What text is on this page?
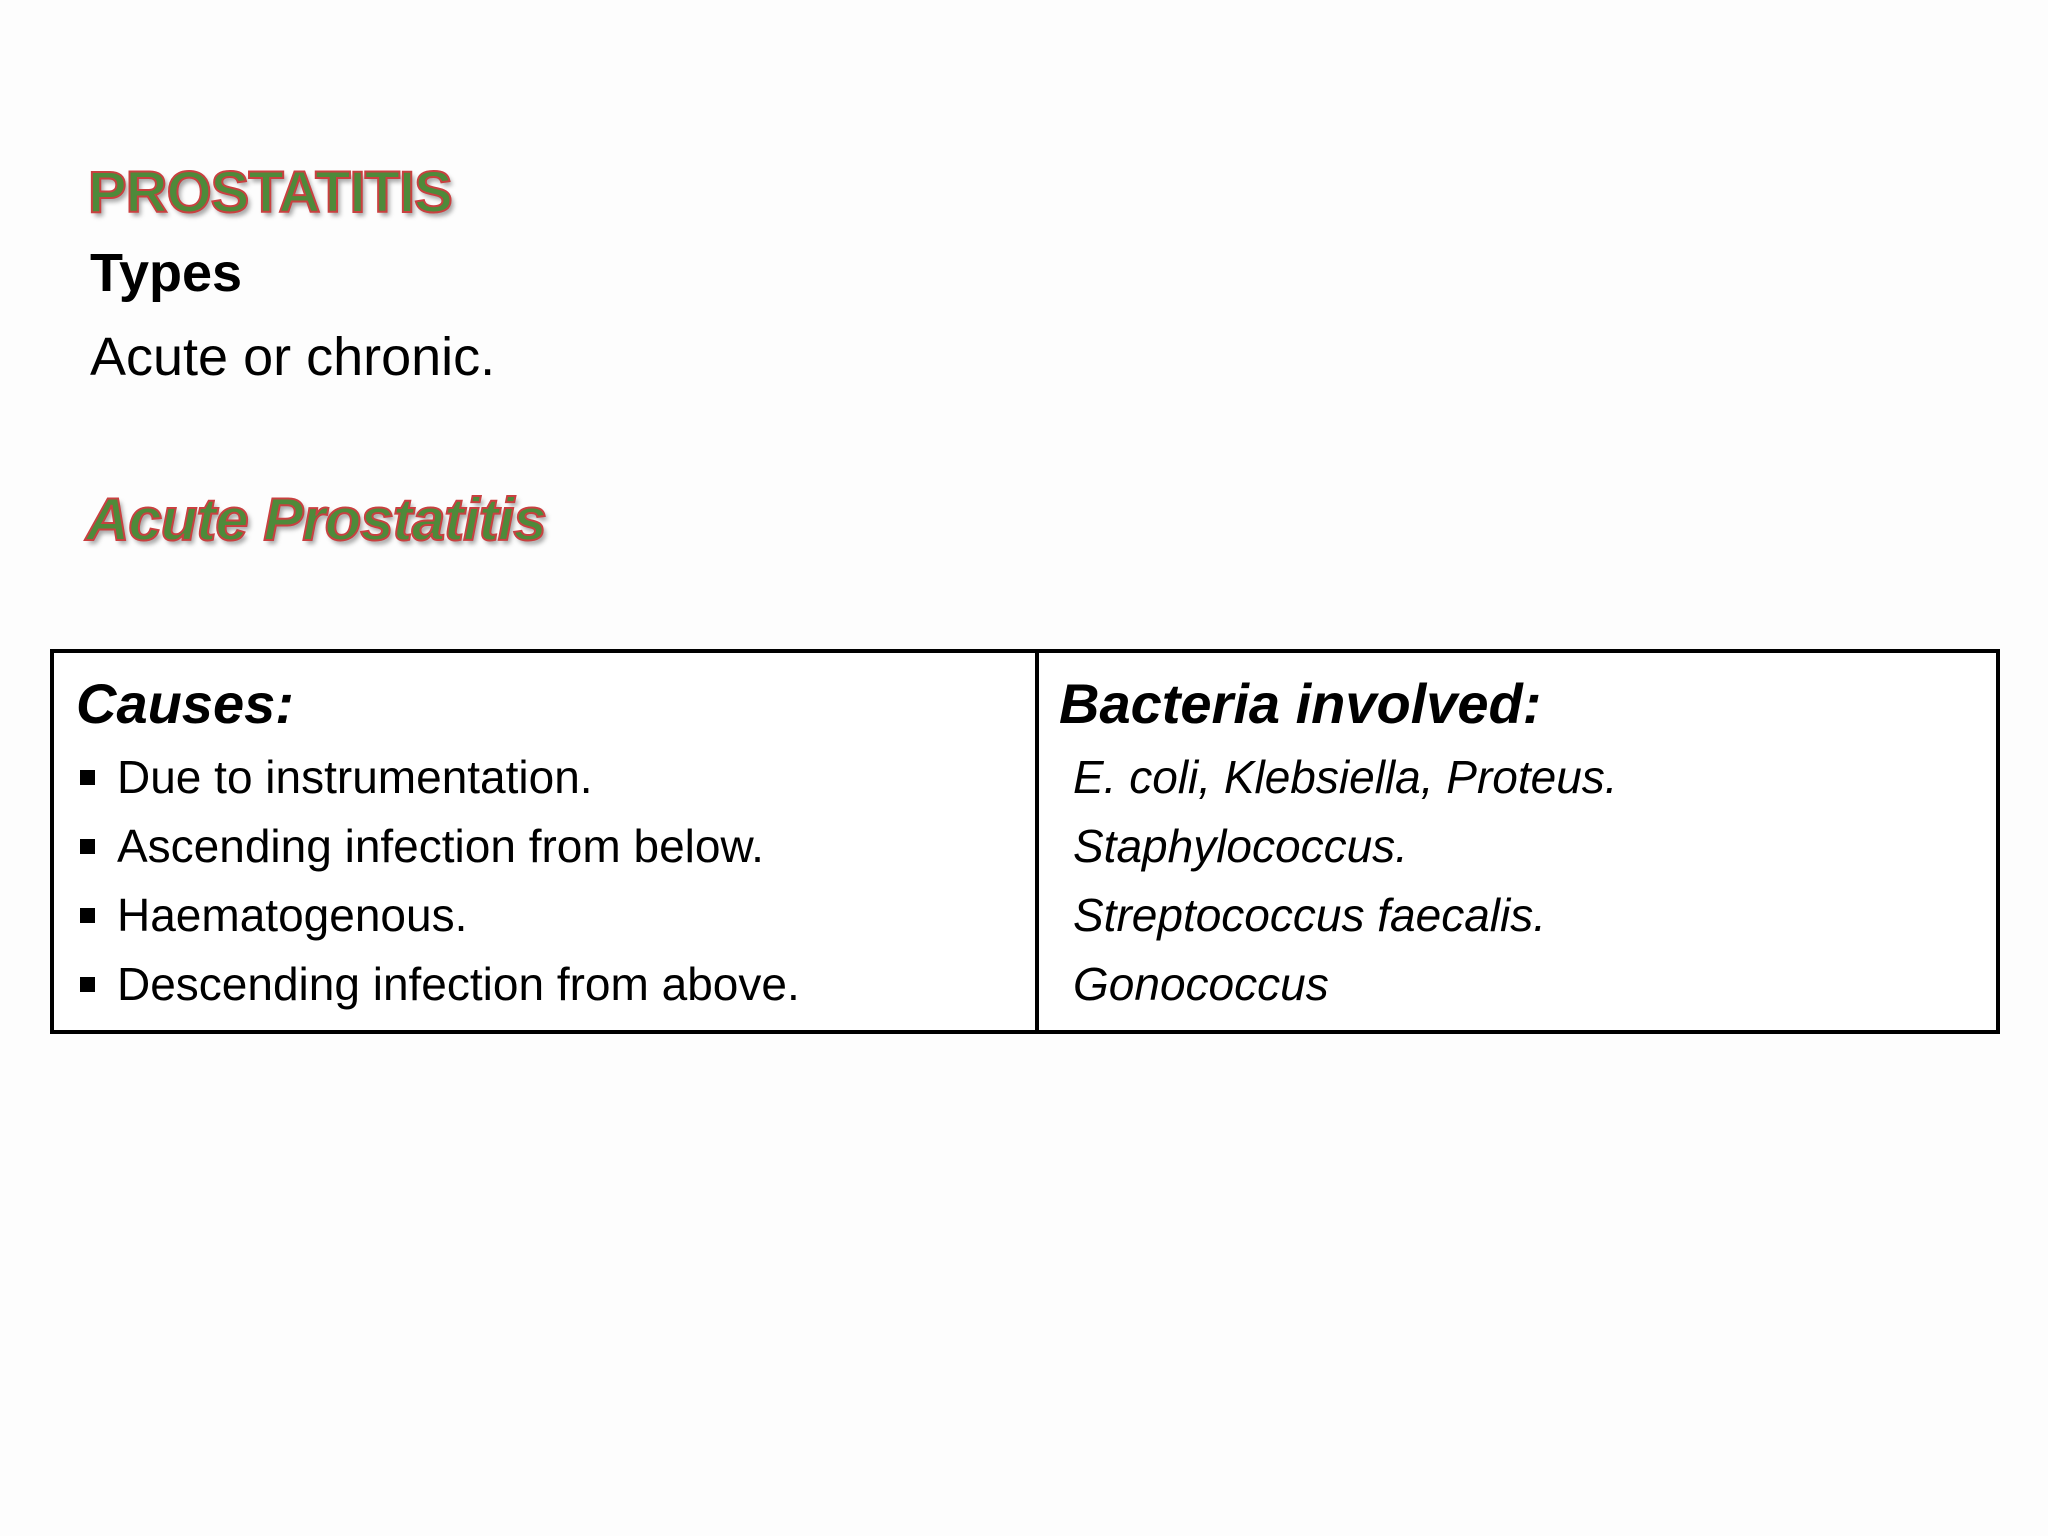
PROSTATITIS
Types

Acute or chronic.

Acute Prostatitis
Causes:
Due to instrumentation.
Ascending infection from below.
Haematogenous.
Descending infection from above.
Bacteria involved:
E. coli, Klebsiella, Proteus.
Staphylococcus.
Streptococcus faecalis.
Gonococcus
